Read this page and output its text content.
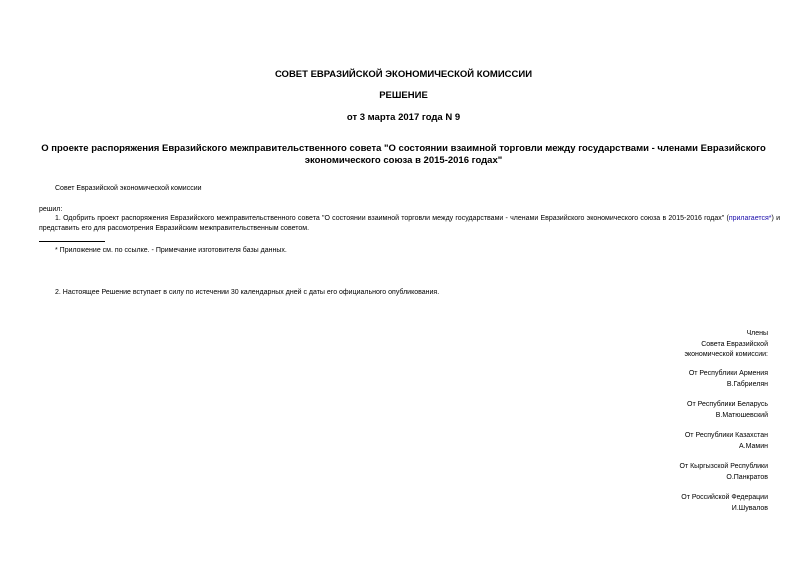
СОВЕТ ЕВРАЗИЙСКОЙ ЭКОНОМИЧЕСКОЙ КОМИССИИ
РЕШЕНИЕ
от 3 марта 2017 года N 9
О проекте распоряжения Евразийского межправительственного совета "О состоянии взаимной торговли между государствами - членами Евразийского
экономического союза в 2015-2016 годах"
Совет Евразийской экономической комиссии
решил:
1. Одобрить проект распоряжения Евразийского межправительственного совета "О состоянии взаимной торговли между государствами - членами Евразийского экономического союза в 2015-2016 годах" (прилагается*) и представить его для рассмотрения Евразийским межправительственным советом.
* Приложение см. по ссылке. - Примечание изготовителя базы данных.
2. Настоящее Решение вступает в силу по истечении 30 календарных дней с даты его официального опубликования.
Члены
Совета Евразийской
экономической комиссии:
От Республики Армения
В.Габриелян
От Республики Беларусь
В.Матюшевский
От Республики Казахстан
А.Мамин
От Кыргызской Республики
О.Панкратов
От Российской Федерации
И.Шувалов
